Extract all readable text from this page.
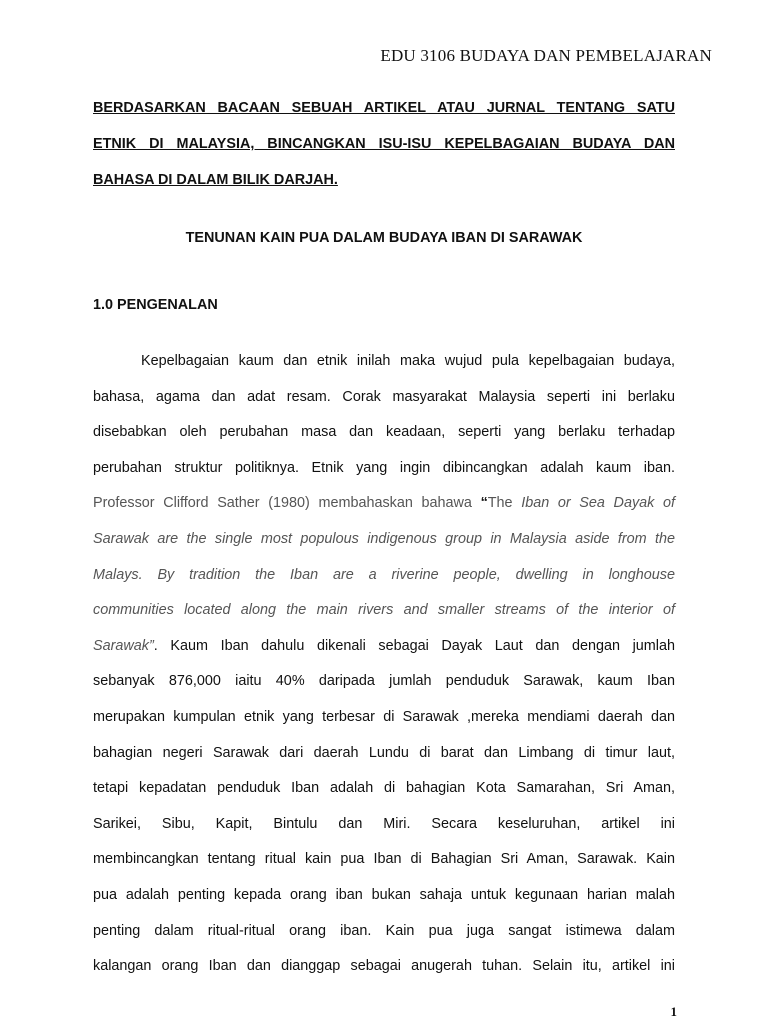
EDU 3106 BUDAYA DAN PEMBELAJARAN
BERDASARKAN BACAAN SEBUAH ARTIKEL ATAU JURNAL TENTANG SATU
ETNIK DI MALAYSIA, BINCANGKAN ISU-ISU KEPELBAGAIAN BUDAYA DAN
BAHASA DI DALAM BILIK DARJAH.
TENUNAN KAIN PUA DALAM BUDAYA IBAN DI SARAWAK
1.0 PENGENALAN
Kepelbagaian kaum dan etnik inilah maka wujud pula kepelbagaian budaya,
bahasa, agama dan adat resam. Corak masyarakat Malaysia seperti ini berlaku
disebabkan oleh perubahan masa dan keadaan, seperti yang berlaku terhadap
perubahan struktur politiknya. Etnik yang ingin dibincangkan adalah kaum iban.
Professor Clifford Sather (1980) membahaskan bahawa “The Iban or Sea Dayak of
Sarawak are the single most populous indigenous group in Malaysia aside from the
Malays. By tradition the Iban are a riverine people, dwelling in longhouse
communities located along the main rivers and smaller streams of the interior of
Sarawak”. Kaum Iban dahulu dikenali sebagai Dayak Laut dan dengan jumlah
sebanyak 876,000 iaitu 40% daripada jumlah penduduk Sarawak, kaum Iban
merupakan kumpulan etnik yang terbesar di Sarawak ,mereka mendiami daerah dan
bahagian negeri Sarawak dari daerah Lundu di barat dan Limbang di timur laut,
tetapi kepadatan penduduk Iban adalah di bahagian Kota Samarahan, Sri Aman,
Sarikei, Sibu, Kapit, Bintulu dan Miri. Secara keseluruhan, artikel ini
membincangkan tentang ritual kain pua Iban di Bahagian Sri Aman, Sarawak. Kain
pua adalah penting kepada orang iban bukan sahaja untuk kegunaan harian malah
penting dalam ritual-ritual orang iban. Kain pua juga sangat istimewa dalam
kalangan orang Iban dan dianggap sebagai anugerah tuhan. Selain itu, artikel ini
1
